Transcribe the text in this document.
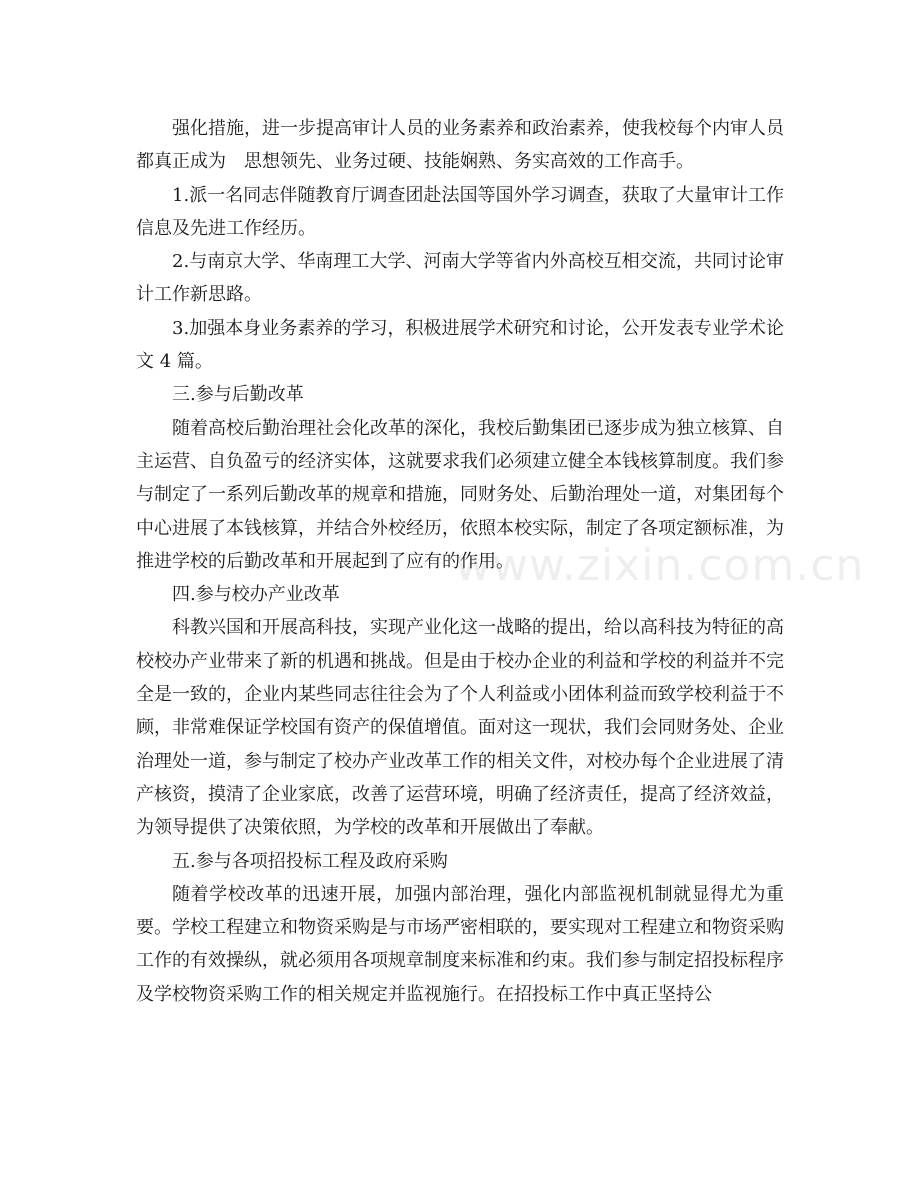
www.zixin.com.cn

强化措施，进一步提高审计人员的业务素养和政治素养，使我校每个内审人员都真正成为　思想领先、业务过硬、技能娴熟、务实高效的工作高手。

1.派一名同志伴随教育厅调查团赴法国等国外学习调查，获取了大量审计工作信息及先进工作经历。

2.与南京大学、华南理工大学、河南大学等省内外高校互相交流，共同讨论审计工作新思路。

3.加强本身业务素养的学习，积极进展学术研究和讨论，公开发表专业学术论文 4 篇。

三.参与后勤改革

随着高校后勤治理社会化改革的深化，我校后勤集团已逐步成为独立核算、自主运营、自负盈亏的经济实体，这就要求我们必须建立健全本钱核算制度。我们参与制定了一系列后勤改革的规章和措施，同财务处、后勤治理处一道，对集团每个中心进展了本钱核算，并结合外校经历，依照本校实际，制定了各项定额标准，为推进学校的后勤改革和开展起到了应有的作用。

四.参与校办产业改革

科教兴国和开展高科技，实现产业化这一战略的提出，给以高科技为特征的高校校办产业带来了新的机遇和挑战。但是由于校办企业的利益和学校的利益并不完全是一致的，企业内某些同志往往会为了个人利益或小团体利益而致学校利益于不顾，非常难保证学校国有资产的保值增值。面对这一现状，我们会同财务处、企业治理处一道，参与制定了校办产业改革工作的相关文件，对校办每个企业进展了清产核资，摸清了企业家底，改善了运营环境，明确了经济责任，提高了经济效益，为领导提供了决策依照，为学校的改革和开展做出了奉献。

五.参与各项招投标工程及政府采购

随着学校改革的迅速开展，加强内部治理，强化内部监视机制就显得尤为重要。学校工程建立和物资采购是与市场严密相联的，要实现对工程建立和物资采购工作的有效操纵，就必须用各项规章制度来标准和约束。我们参与制定招投标程序及学校物资采购工作的相关规定并监视施行。在招投标工作中真正坚持公
